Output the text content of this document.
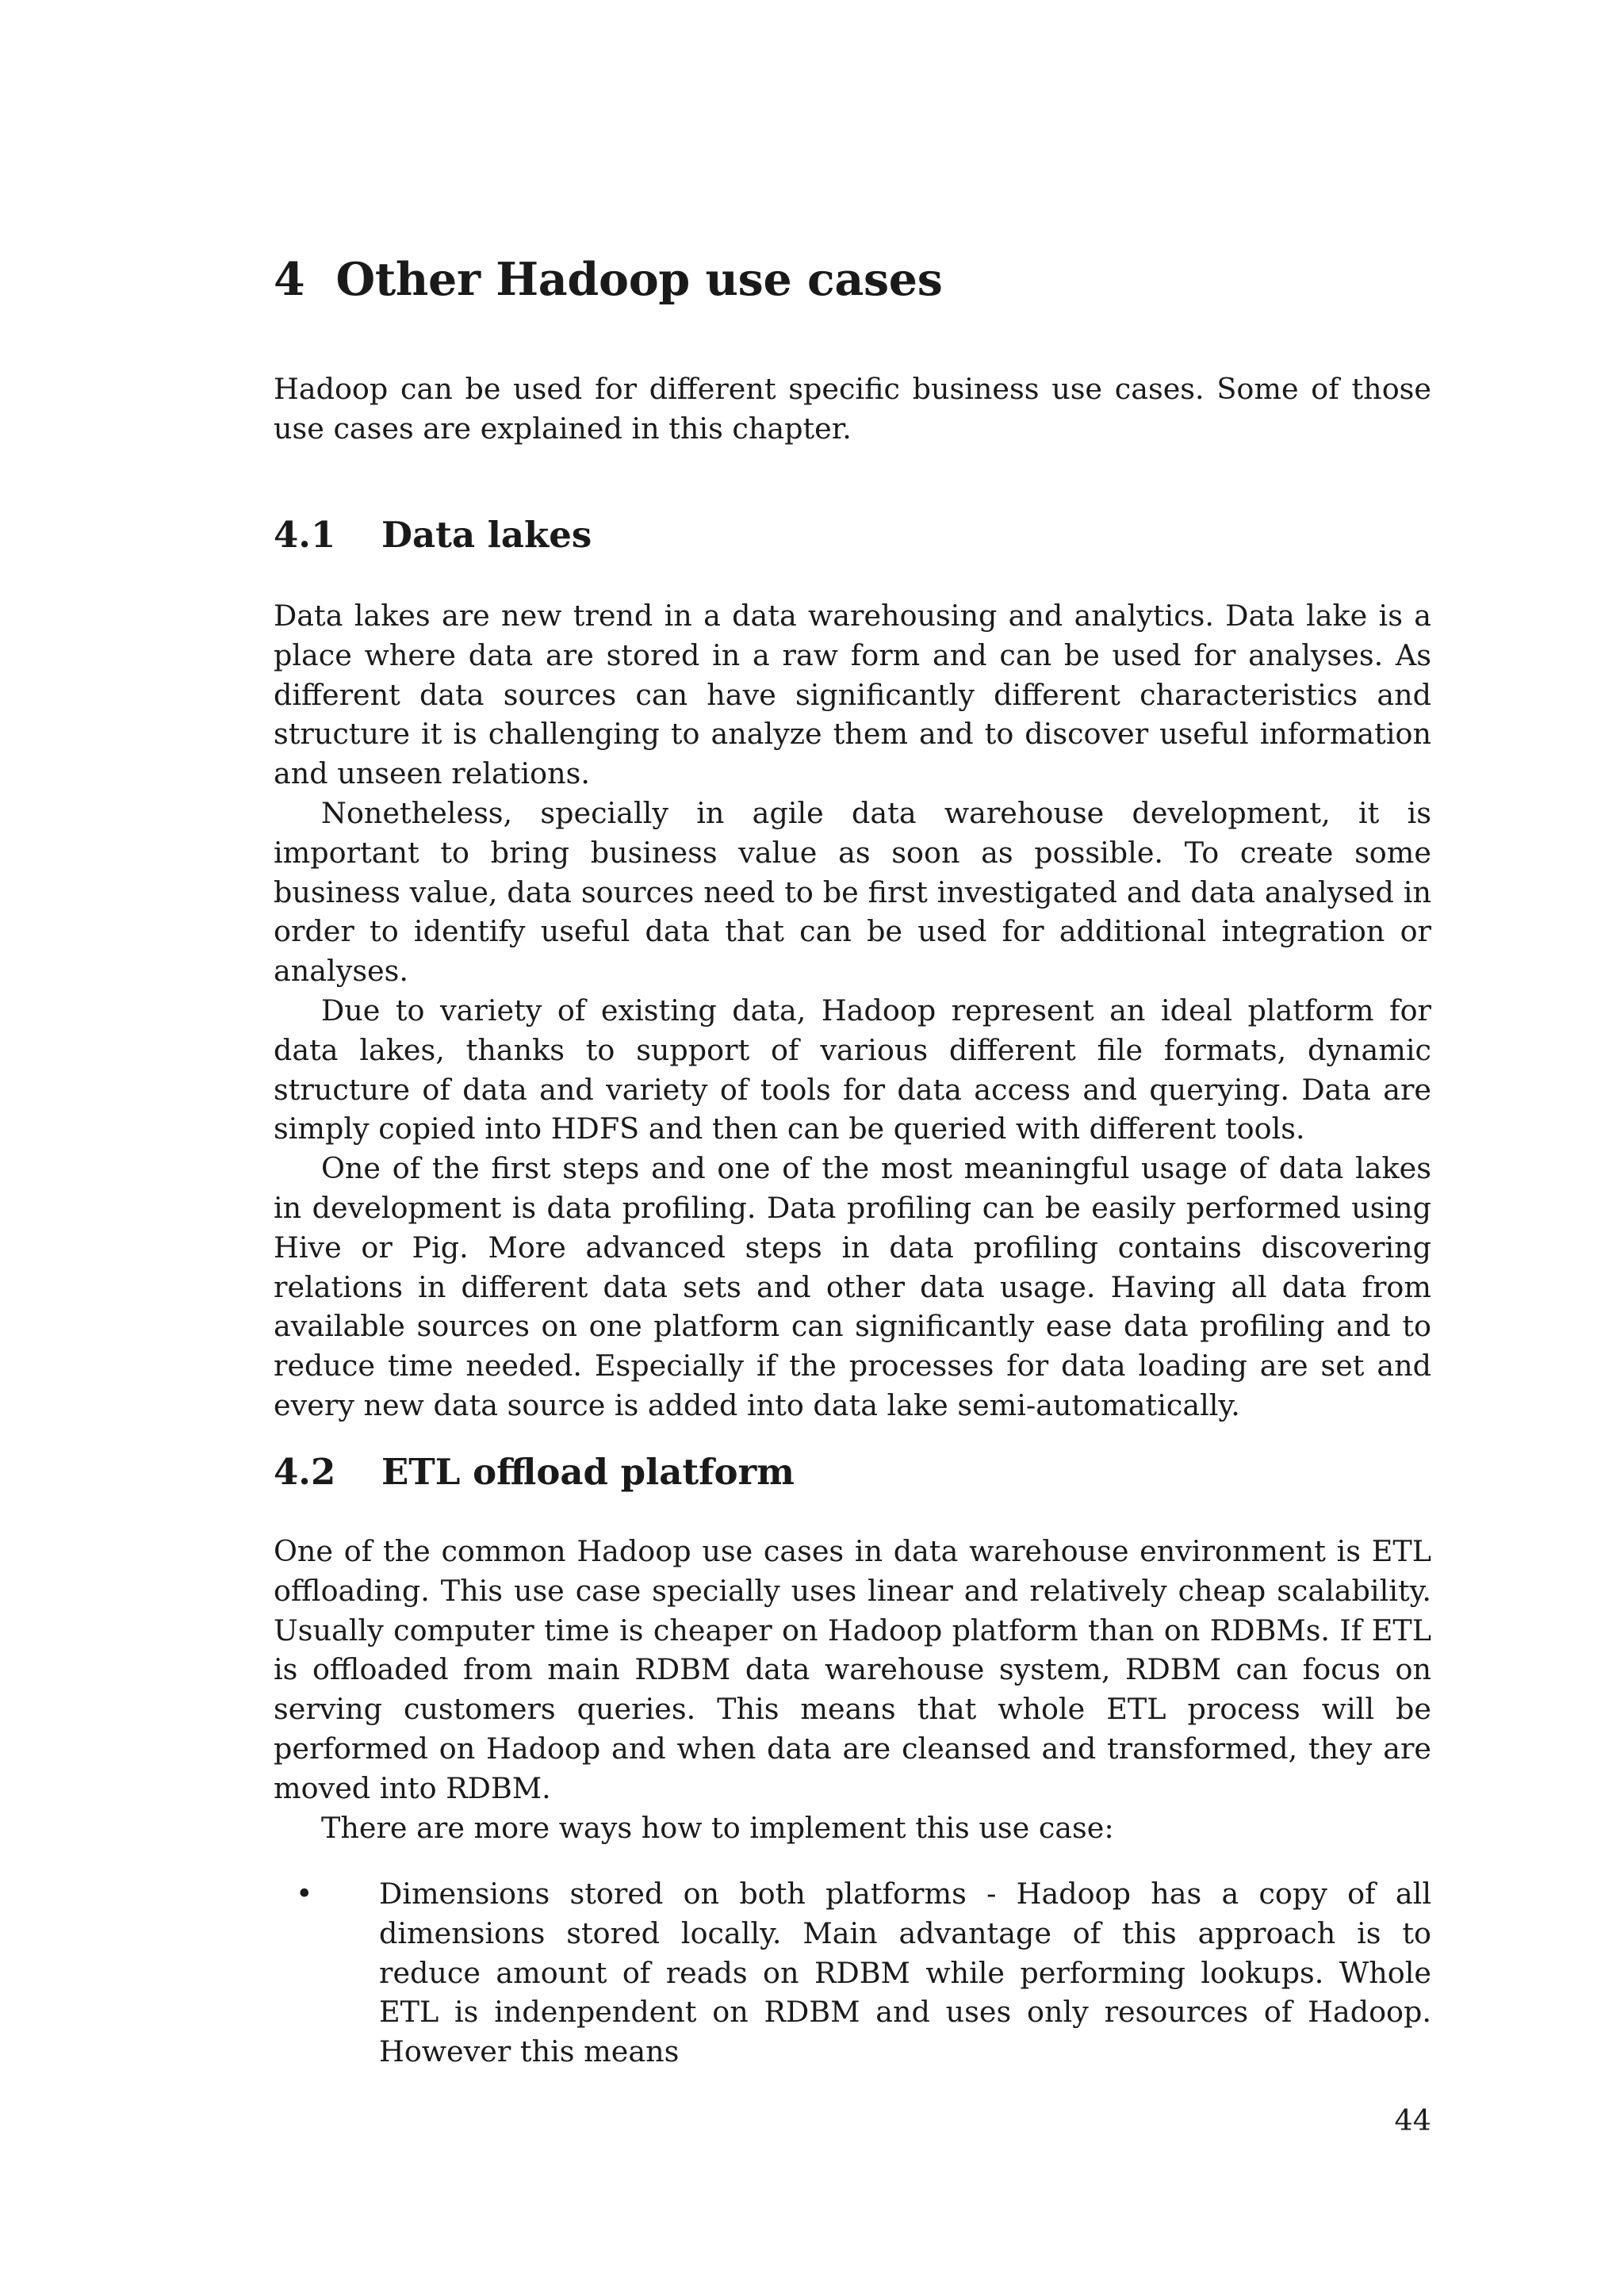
4 Other Hadoop use cases

Hadoop can be used for different specific business use cases. Some of those use cases are explained in this chapter.

4.1 Data lakes

Data lakes are new trend in a data warehousing and analytics. Data lake is a place where data are stored in a raw form and can be used for analyses. As different data sources can have significantly different characteristics and structure it is challenging to analyze them and to discover useful information and unseen relations.

Nonetheless, specially in agile data warehouse development, it is important to bring business value as soon as possible. To create some business value, data sources need to be first investigated and data analysed in order to identify useful data that can be used for additional integration or analyses.

Due to variety of existing data, Hadoop represent an ideal platform for data lakes, thanks to support of various different file formats, dynamic structure of data and variety of tools for data access and querying. Data are simply copied into HDFS and then can be queried with different tools.

One of the first steps and one of the most meaningful usage of data lakes in development is data profiling. Data profiling can be easily performed using Hive or Pig. More advanced steps in data profiling contains discovering relations in different data sets and other data usage. Having all data from available sources on one platform can significantly ease data profiling and to reduce time needed. Especially if the processes for data loading are set and every new data source is added into data lake semi-automatically.

4.2 ETL offload platform

One of the common Hadoop use cases in data warehouse environment is ETL offloading. This use case specially uses linear and relatively cheap scalability. Usually computer time is cheaper on Hadoop platform than on RDBMs. If ETL is offloaded from main RDBM data warehouse system, RDBM can focus on serving customers queries. This means that whole ETL process will be performed on Hadoop and when data are cleansed and transformed, they are moved into RDBM.

There are more ways how to implement this use case:

• Dimensions stored on both platforms - Hadoop has a copy of all dimensions stored locally. Main advantage of this approach is to reduce amount of reads on RDBM while performing lookups. Whole ETL is indenpendent on RDBM and uses only resources of Hadoop. However this means

44
